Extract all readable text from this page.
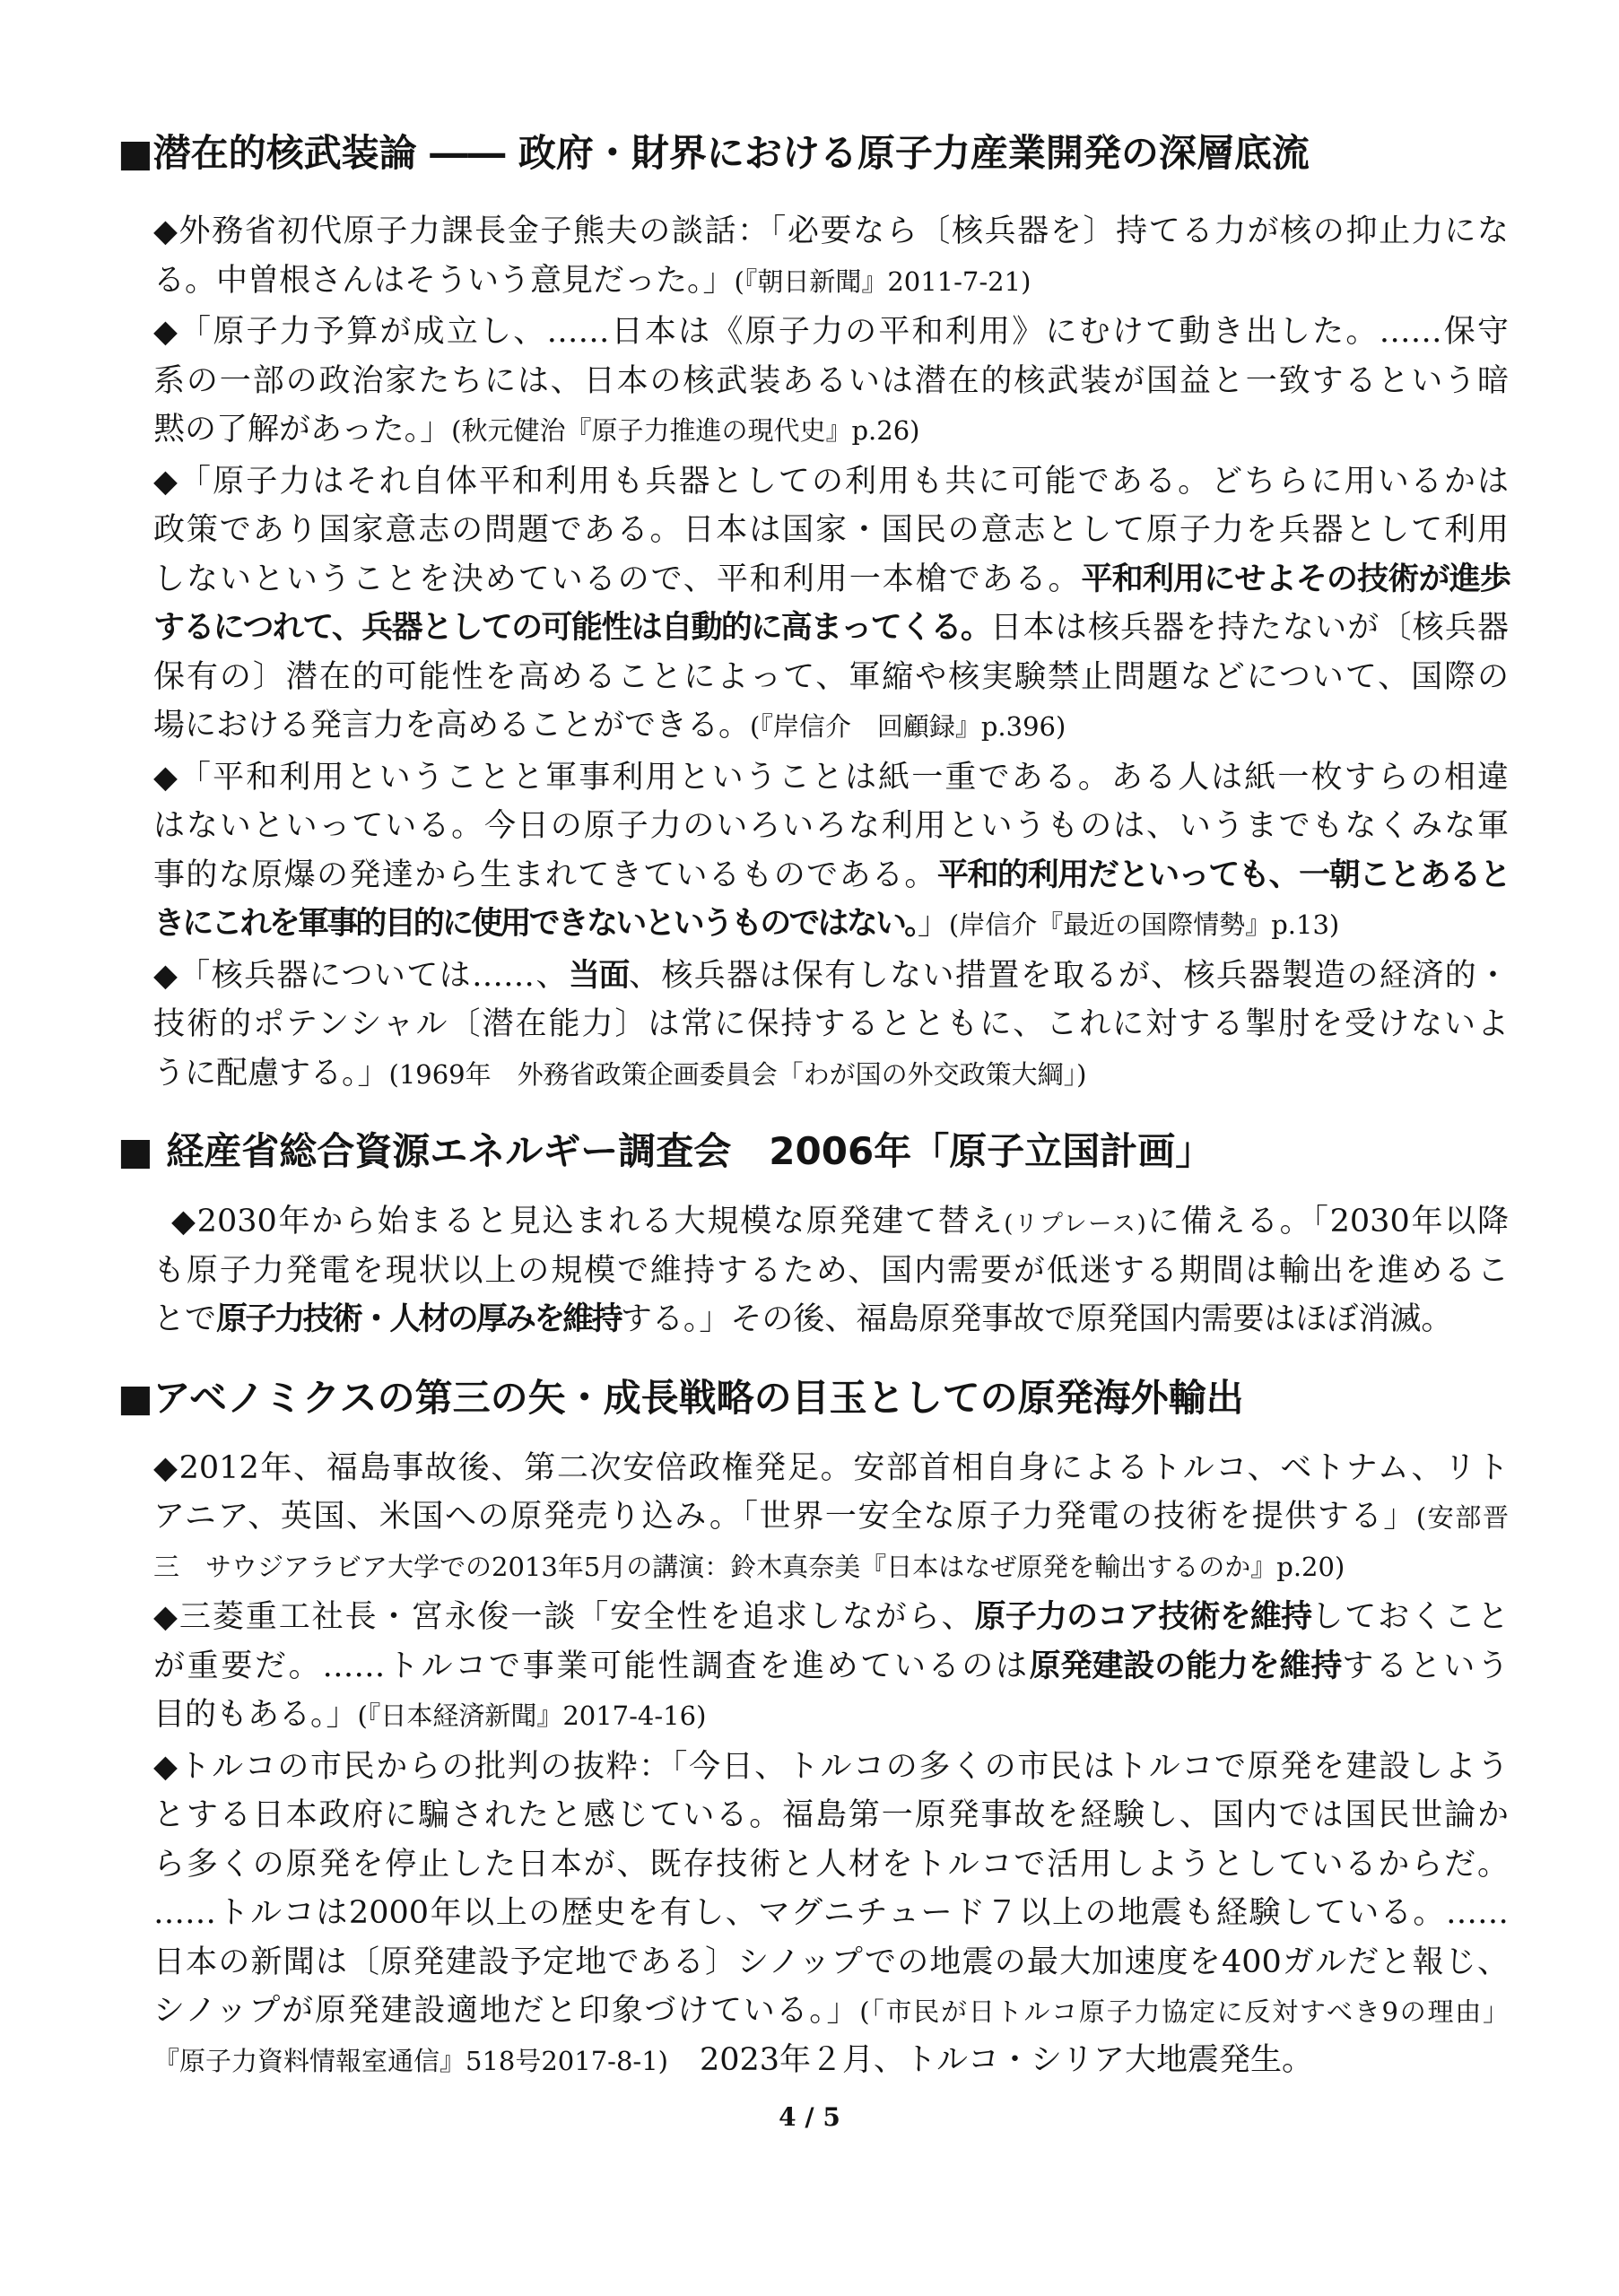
■潜在的核武装論 ―― 政府・財界における原子力産業開発の深層底流
◆外務省初代原子力課長金子熊夫の談話：「必要なら〔核兵器を〕持てる力が核の抑止力にな
る。中曽根さんはそういう意見だった。」(『朝日新聞』2011-7-21)
◆「原子力予算が成立し、……日本は《原子力の平和利用》にむけて動き出した。……保守
系の一部の政治家たちには、日本の核武装あるいは潜在的核武装が国益と一致するという暗
黙の了解があった。」(秋元健治『原子力推進の現代史』p.26)
◆「原子力はそれ自体平和利用も兵器としての利用も共に可能である。どちらに用いるかは
政策であり国家意志の問題である。日本は国家・国民の意志として原子力を兵器として利用
しないということを決めているので、平和利用一本槍である。平和利用にせよその技術が進歩
するにつれて、兵器としての可能性は自動的に高まってくる。日本は核兵器を持たないが〔核兵器
保有の〕潜在的可能性を高めることによって、軍縮や核実験禁止問題などについて、国際の
場における発言力を高めることができる。(『岸信介　回顧録』p.396)
◆「平和利用ということと軍事利用ということは紙一重である。ある人は紙一枚すらの相違
はないといっている。今日の原子力のいろいろな利用というものは、いうまでもなくみな軍
事的な原爆の発達から生まれてきているものである。平和的利用だといっても、一朝ことあると
きにこれを軍事的目的に使用できないというものではない。」(岸信介『最近の国際情勢』p.13)
◆「核兵器については……、当面、核兵器は保有しない措置を取るが、核兵器製造の経済的・
技術的ポテンシャル〔潜在能力〕は常に保持するとともに、これに対する掣肘を受けないよ
うに配慮する。」(1969年　外務省政策企画委員会「わが国の外交政策大綱」)
■ 経産省総合資源エネルギー調査会　2006年「原子立国計画」
◆2030年から始まると見込まれる大規模な原発建て替え(リプレース)に備える。「2030年以降
も原子力発電を現状以上の規模で維持するため、国内需要が低迷する期間は輸出を進めるこ
とで原子力技術・人材の厚みを維持する。」その後、福島原発事故で原発国内需要はほぼ消滅。
■アベノミクスの第三の矢・成長戦略の目玉としての原発海外輸出
◆2012年、福島事故後、第二次安倍政権発足。安部首相自身によるトルコ、ベトナム、リト
アニア、英国、米国への原発売り込み。「世界一安全な原子力発電の技術を提供する」(安部晋
三　サウジアラビア大学での2013年5月の講演：鈴木真奈美『日本はなぜ原発を輸出するのか』p.20)
◆三菱重工社長・宮永俊一談「安全性を追求しながら、原子力のコア技術を維持しておくこと
が重要だ。……トルコで事業可能性調査を進めているのは原発建設の能力を維持するという
目的もある。」(『日本経済新聞』2017-4-16)
◆トルコの市民からの批判の抜粋：「今日、トルコの多くの市民はトルコで原発を建設しよう
とする日本政府に騙されたと感じている。福島第一原発事故を経験し、国内では国民世論か
ら多くの原発を停止した日本が、既存技術と人材をトルコで活用しようとしているからだ。
……トルコは2000年以上の歴史を有し、マグニチュード７以上の地震も経験している。……
日本の新聞は〔原発建設予定地である〕シノップでの地震の最大加速度を400ガルだと報じ、
シノップが原発建設適地だと印象づけている。」(「市民が日トルコ原子力協定に反対すべき9の理由」
『原子力資料情報室通信』518号2017-8-1)　2023年２月、トルコ・シリア大地震発生。
4 / 5
